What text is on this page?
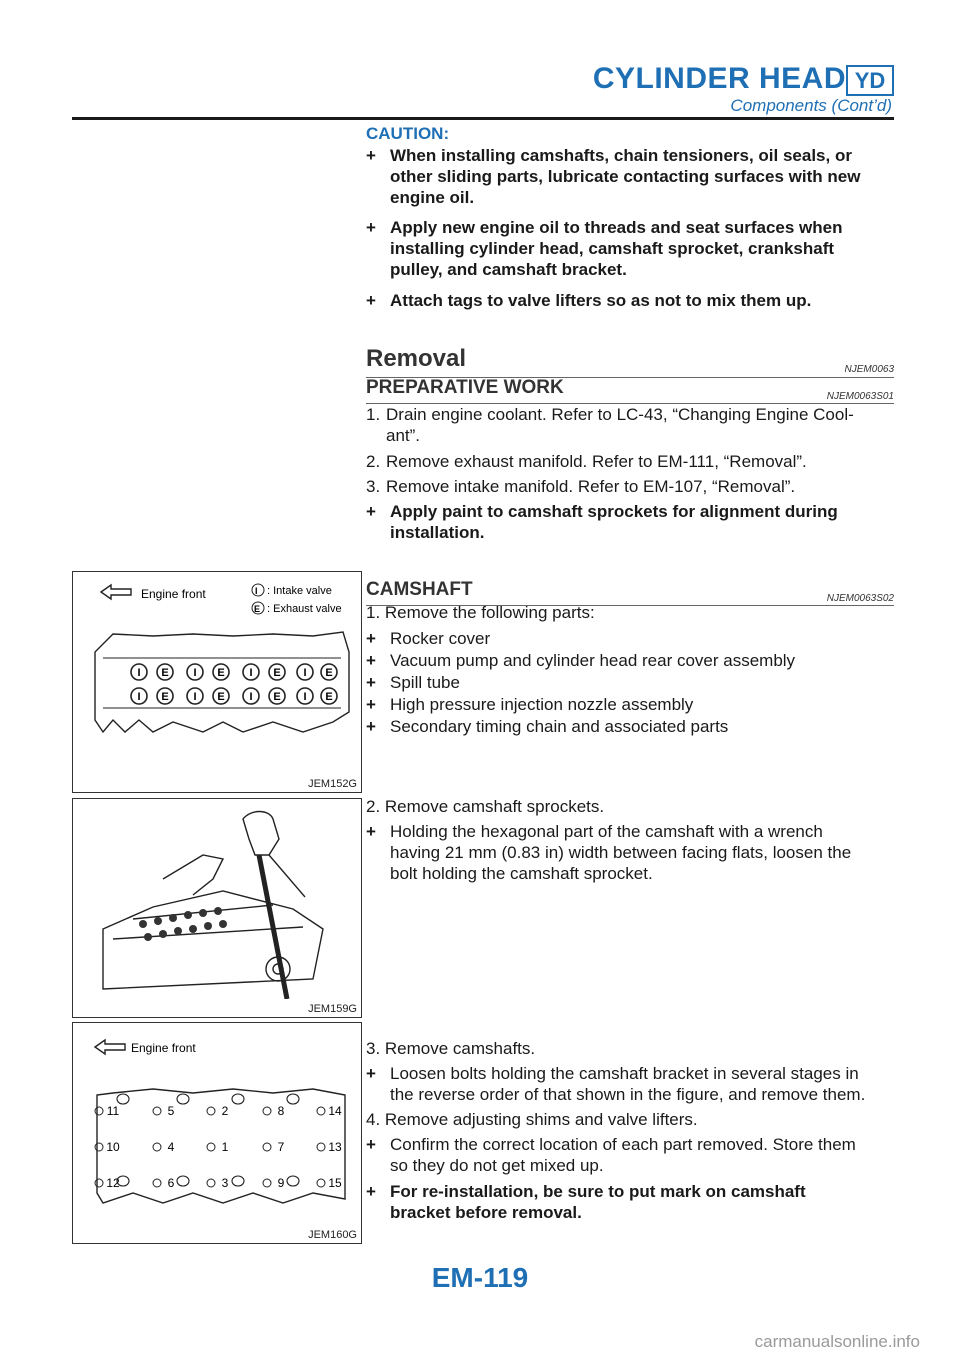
CYLINDER HEAD YD
Components (Cont’d)
CAUTION:
+ When installing camshafts, chain tensioners, oil seals, or
other sliding parts, lubricate contacting surfaces with new
engine oil.
+ Apply new engine oil to threads and seat surfaces when
installing cylinder head, camshaft sprocket, crankshaft
pulley, and camshaft bracket.
+ Attach tags to valve lifters so as not to mix them up.
Removal	NJEM0063
PREPARATIVE WORK	NJEM0063S01
1. Drain engine coolant. Refer to LC-43, “Changing Engine Cool-
ant”.
2. Remove exhaust manifold. Refer to EM-111, “Removal”.
3. Remove intake manifold. Refer to EM-107, “Removal”.
+ Apply paint to camshaft sprockets for alignment during
installation.
CAMSHAFT	NJEM0063S02
1. Remove the following parts:
+ Rocker cover
+ Vacuum pump and cylinder head rear cover assembly
+ Spill tube
+ High pressure injection nozzle assembly
+ Secondary timing chain and associated parts
2. Remove camshaft sprockets.
+ Holding the hexagonal part of the camshaft with a wrench
having 21 mm (0.83 in) width between facing flats, loosen the
bolt holding the camshaft sprocket.
3. Remove camshafts.
+ Loosen bolts holding the camshaft bracket in several stages in
the reverse order of that shown in the figure, and remove them.
4. Remove adjusting shims and valve lifters.
+ Confirm the correct location of each part removed. Store them
so they do not get mixed up.
+ For re-installation, be sure to put mark on camshaft
bracket before removal.
Engine front	I : Intake valve
E : Exhaust valve
I E I E I E I E
I E I E I E I E
JEM152G
JEM159G
Engine front
11	5	2	8	14
10	4	1	7	13
12	6	3	9	15
JEM160G
EM-119
carmanualsonline.info
